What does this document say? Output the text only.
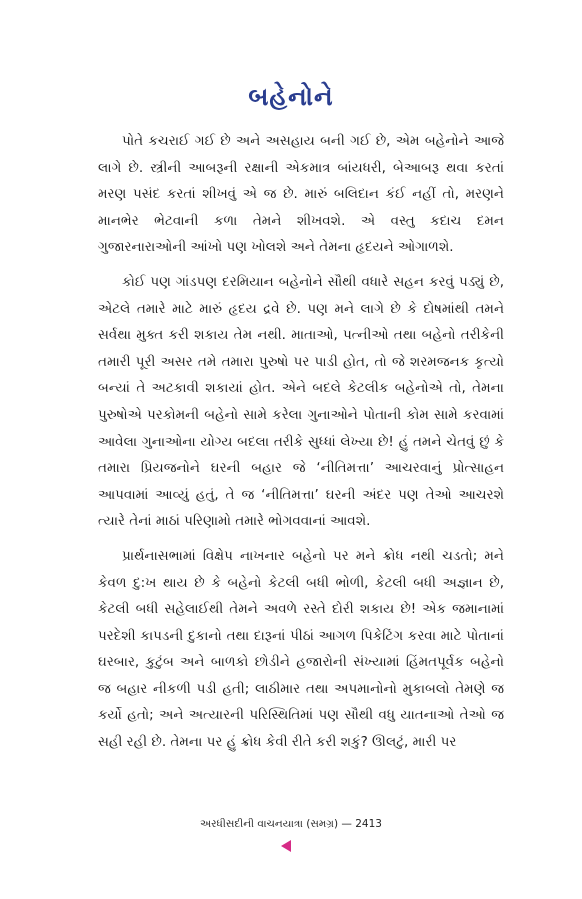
બહેનોને

પોતે કચરાઈ ગઈ છે અને અસહાય બની ગઈ છે, એમ બહેનોને આજે લાગે છે. સ્ત્રીની આબરૂની રક્ષાની એકમાત્ર બાંયધરી, બેઆબરૂ થવા કરતાં મરણ પસંદ કરતાં શીખવું એ જ છે. મારું બલિદાન કંઈ નહીં તો, મરણને માનભેર ભેટવાની કળા તેમને શીખવશે. એ વસ્તુ કદાચ દમન ગુજારનારાઓની આંખો પણ ખોલશે અને તેમના હૃદયને ઓગાળશે.

કોઈ પણ ગાંડપણ દરમિયાન બહેનોને સૌથી વધારે સહન કરવું પડ્યું છે, એટલે તમારે માટે મારું હૃદય દ્રવે છે. પણ મને લાગે છે કે દોષમાંથી તમને સર્વથા મુક્ત કરી શકાય તેમ નથી. માતાઓ, પત્નીઓ તથા બહેનો તરીકેની તમારી પૂરી અસર તમે તમારા પુરુષો પર પાડી હોત, તો જે શરમજનક કૃત્યો બન્યાં તે અટકાવી શકાયાં હોત. એને બદલે કેટલીક બહેનોએ તો, તેમના પુરુષોએ પરકોમની બહેનો સામે કરેલા ગુનાઓને પોતાની કોમ સામે કરવામાં આવેલા ગુનાઓના યોગ્ય બદલા તરીકે સુધ્ધાં લેખ્યા છે! હું તમને ચેતવું છું કે તમારા પ્રિયજનોને ઘરની બહાર જે ‘નીતિમત્તા’ આચરવાનું પ્રોત્સાહન આપવામાં આવ્યું હતું, તે જ ‘નીતિમત્તા’ ઘરની અંદર પણ તેઓ આચરશે ત્યારે તેનાં માઠાં પરિણામો તમારે ભોગવવાનાં આવશે.

પ્રાર્થનાસભામાં વિક્ષેપ નાખનાર બહેનો પર મને ક્રોધ નથી ચડતો; મને કેવળ દુ:ખ થાય છે કે બહેનો કેટલી બધી ભોળી, કેટલી બધી અજ્ઞાન છે, કેટલી બધી સહેલાઈથી તેમને અવળે રસ્તે દોરી શકાય છે! એક જમાનામાં પરદેશી કાપડની દુકાનો તથા દારૂનાં પીઠાં આગળ પિકેટિંગ કરવા માટે પોતાનાં ઘરબાર, કુટુંબ અને બાળકો છોડીને હજારોની સંખ્યામાં હિંમતપૂર્વક બહેનો જ બહાર નીકળી પડી હતી; લાઠીમાર તથા અપમાનોનો મુકાબલો તેમણે જ કર્યો હતો; અને અત્યારની પરિસ્થિતિમાં પણ સૌથી વધુ યાતનાઓ તેઓ જ સહી રહી છે. તેમના પર હું ક્રોધ કેવી રીતે કરી શકું? ઊલટું, મારી પર

અરધીસદીની વાચનયાત્રા (સમગ્ર) — 2413
